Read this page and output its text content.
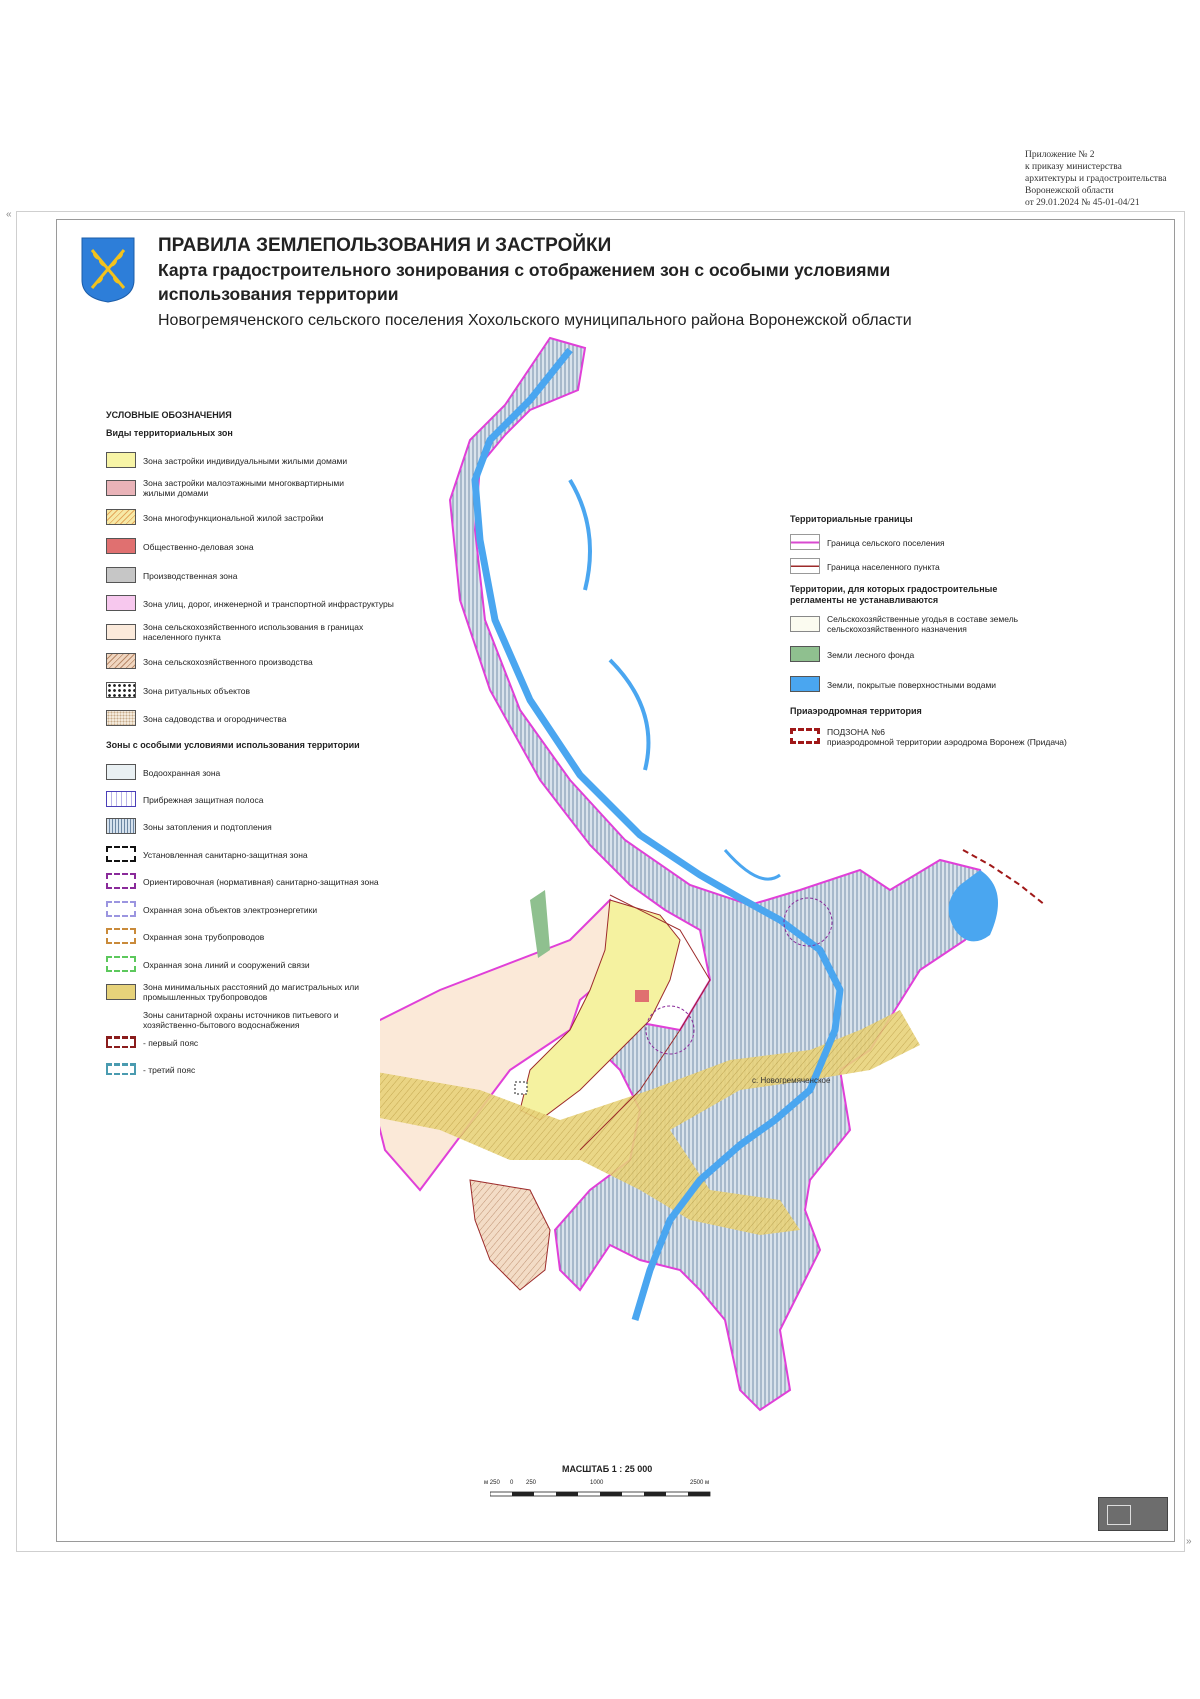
Приложение № 2
к приказу министерства
архитектуры и градостроительства
Воронежской области
от 29.01.2024 № 45-01-04/21
«
»
ПРАВИЛА ЗЕМЛЕПОЛЬЗОВАНИЯ И ЗАСТРОЙКИ
Карта градостроительного зонирования с отображением зон с особыми условиями использования территории
Новогремяченского сельского поселения Хохольского муниципального района Воронежской области
УСЛОВНЫЕ ОБОЗНАЧЕНИЯ
Виды территориальных зон
Зона застройки индивидуальными жилыми домами
Зона застройки малоэтажными многоквартирными жилыми домами
Зона многофункциональной жилой застройки
Общественно-деловая зона
Производственная зона
Зона улиц, дорог, инженерной и транспортной инфраструктуры
Зона сельскохозяйственного использования в границах населенного пункта
Зона сельскохозяйственного производства
Зона ритуальных объектов
Зона садоводства и огородничества
Зоны с особыми условиями использования территории
Водоохранная зона
Прибрежная защитная полоса
Зоны затопления и подтопления
Установленная санитарно-защитная зона
Ориентировочная (нормативная) санитарно-защитная зона
Охранная зона объектов электроэнергетики
Охранная зона трубопроводов
Охранная зона линий и сооружений связи
Зона минимальных расстояний до магистральных или промышленных трубопроводов
Зоны санитарной охраны источников питьевого и хозяйственно-бытового водоснабжения
- первый пояс
- третий пояс
Территориальные границы
Граница сельского поселения
Граница населенного пункта
Территории, для которых градостроительные регламенты не устанавливаются
Сельскохозяйственные угодья в составе земель сельскохозяйственного назначения
Земли лесного фонда
Земли, покрытые поверхностными водами
Приаэродромная территория
ПОДЗОНА №6
приаэродромной территории аэродрома Воронеж (Придача)
с. Новогремяченское
МАСШТАБ 1 : 25 000
м 250 0 250	1000	2500 м
